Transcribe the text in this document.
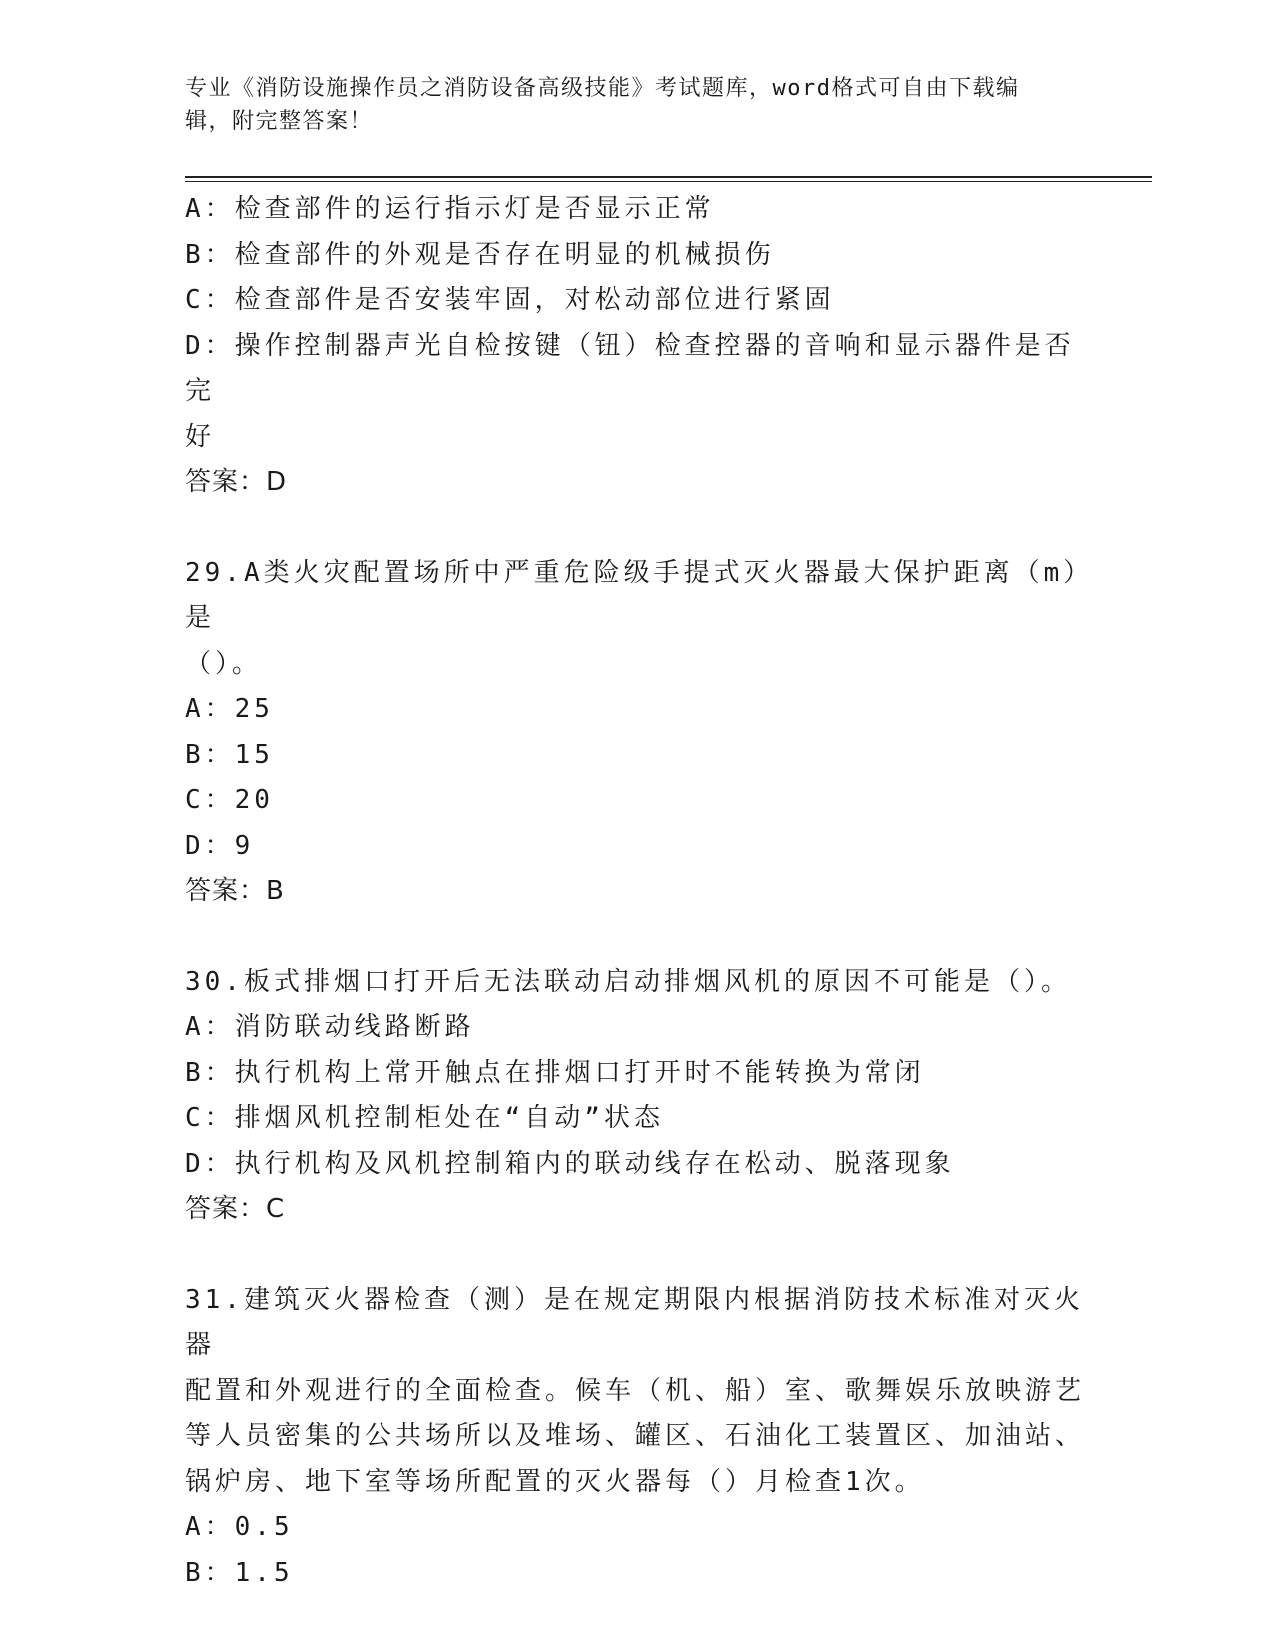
专业《消防设施操作员之消防设备高级技能》考试题库，word格式可自由下载编
辑，附完整答案！
A：检查部件的运行指示灯是否显示正常
B：检查部件的外观是否存在明显的机械损伤
C：检查部件是否安装牢固，对松动部位进行紧固
D：操作控制器声光自检按键（钮）检查控器的音响和显示器件是否完
好
答案：D
29.A类火灾配置场所中严重危险级手提式灭火器最大保护距离（m）是
（）。
A：25
B：15
C：20
D：9
答案：B
30.板式排烟口打开后无法联动启动排烟风机的原因不可能是（）。
A：消防联动线路断路
B：执行机构上常开触点在排烟口打开时不能转换为常闭
C：排烟风机控制柜处在“自动”状态
D：执行机构及风机控制箱内的联动线存在松动、脱落现象
答案：C
31.建筑灭火器检查（测）是在规定期限内根据消防技术标准对灭火器
配置和外观进行的全面检查。候车（机、船）室、歌舞娱乐放映游艺
等人员密集的公共场所以及堆场、罐区、石油化工装置区、加油站、
锅炉房、地下室等场所配置的灭火器每（）月检查1次。
A：0.5
B：1.5
